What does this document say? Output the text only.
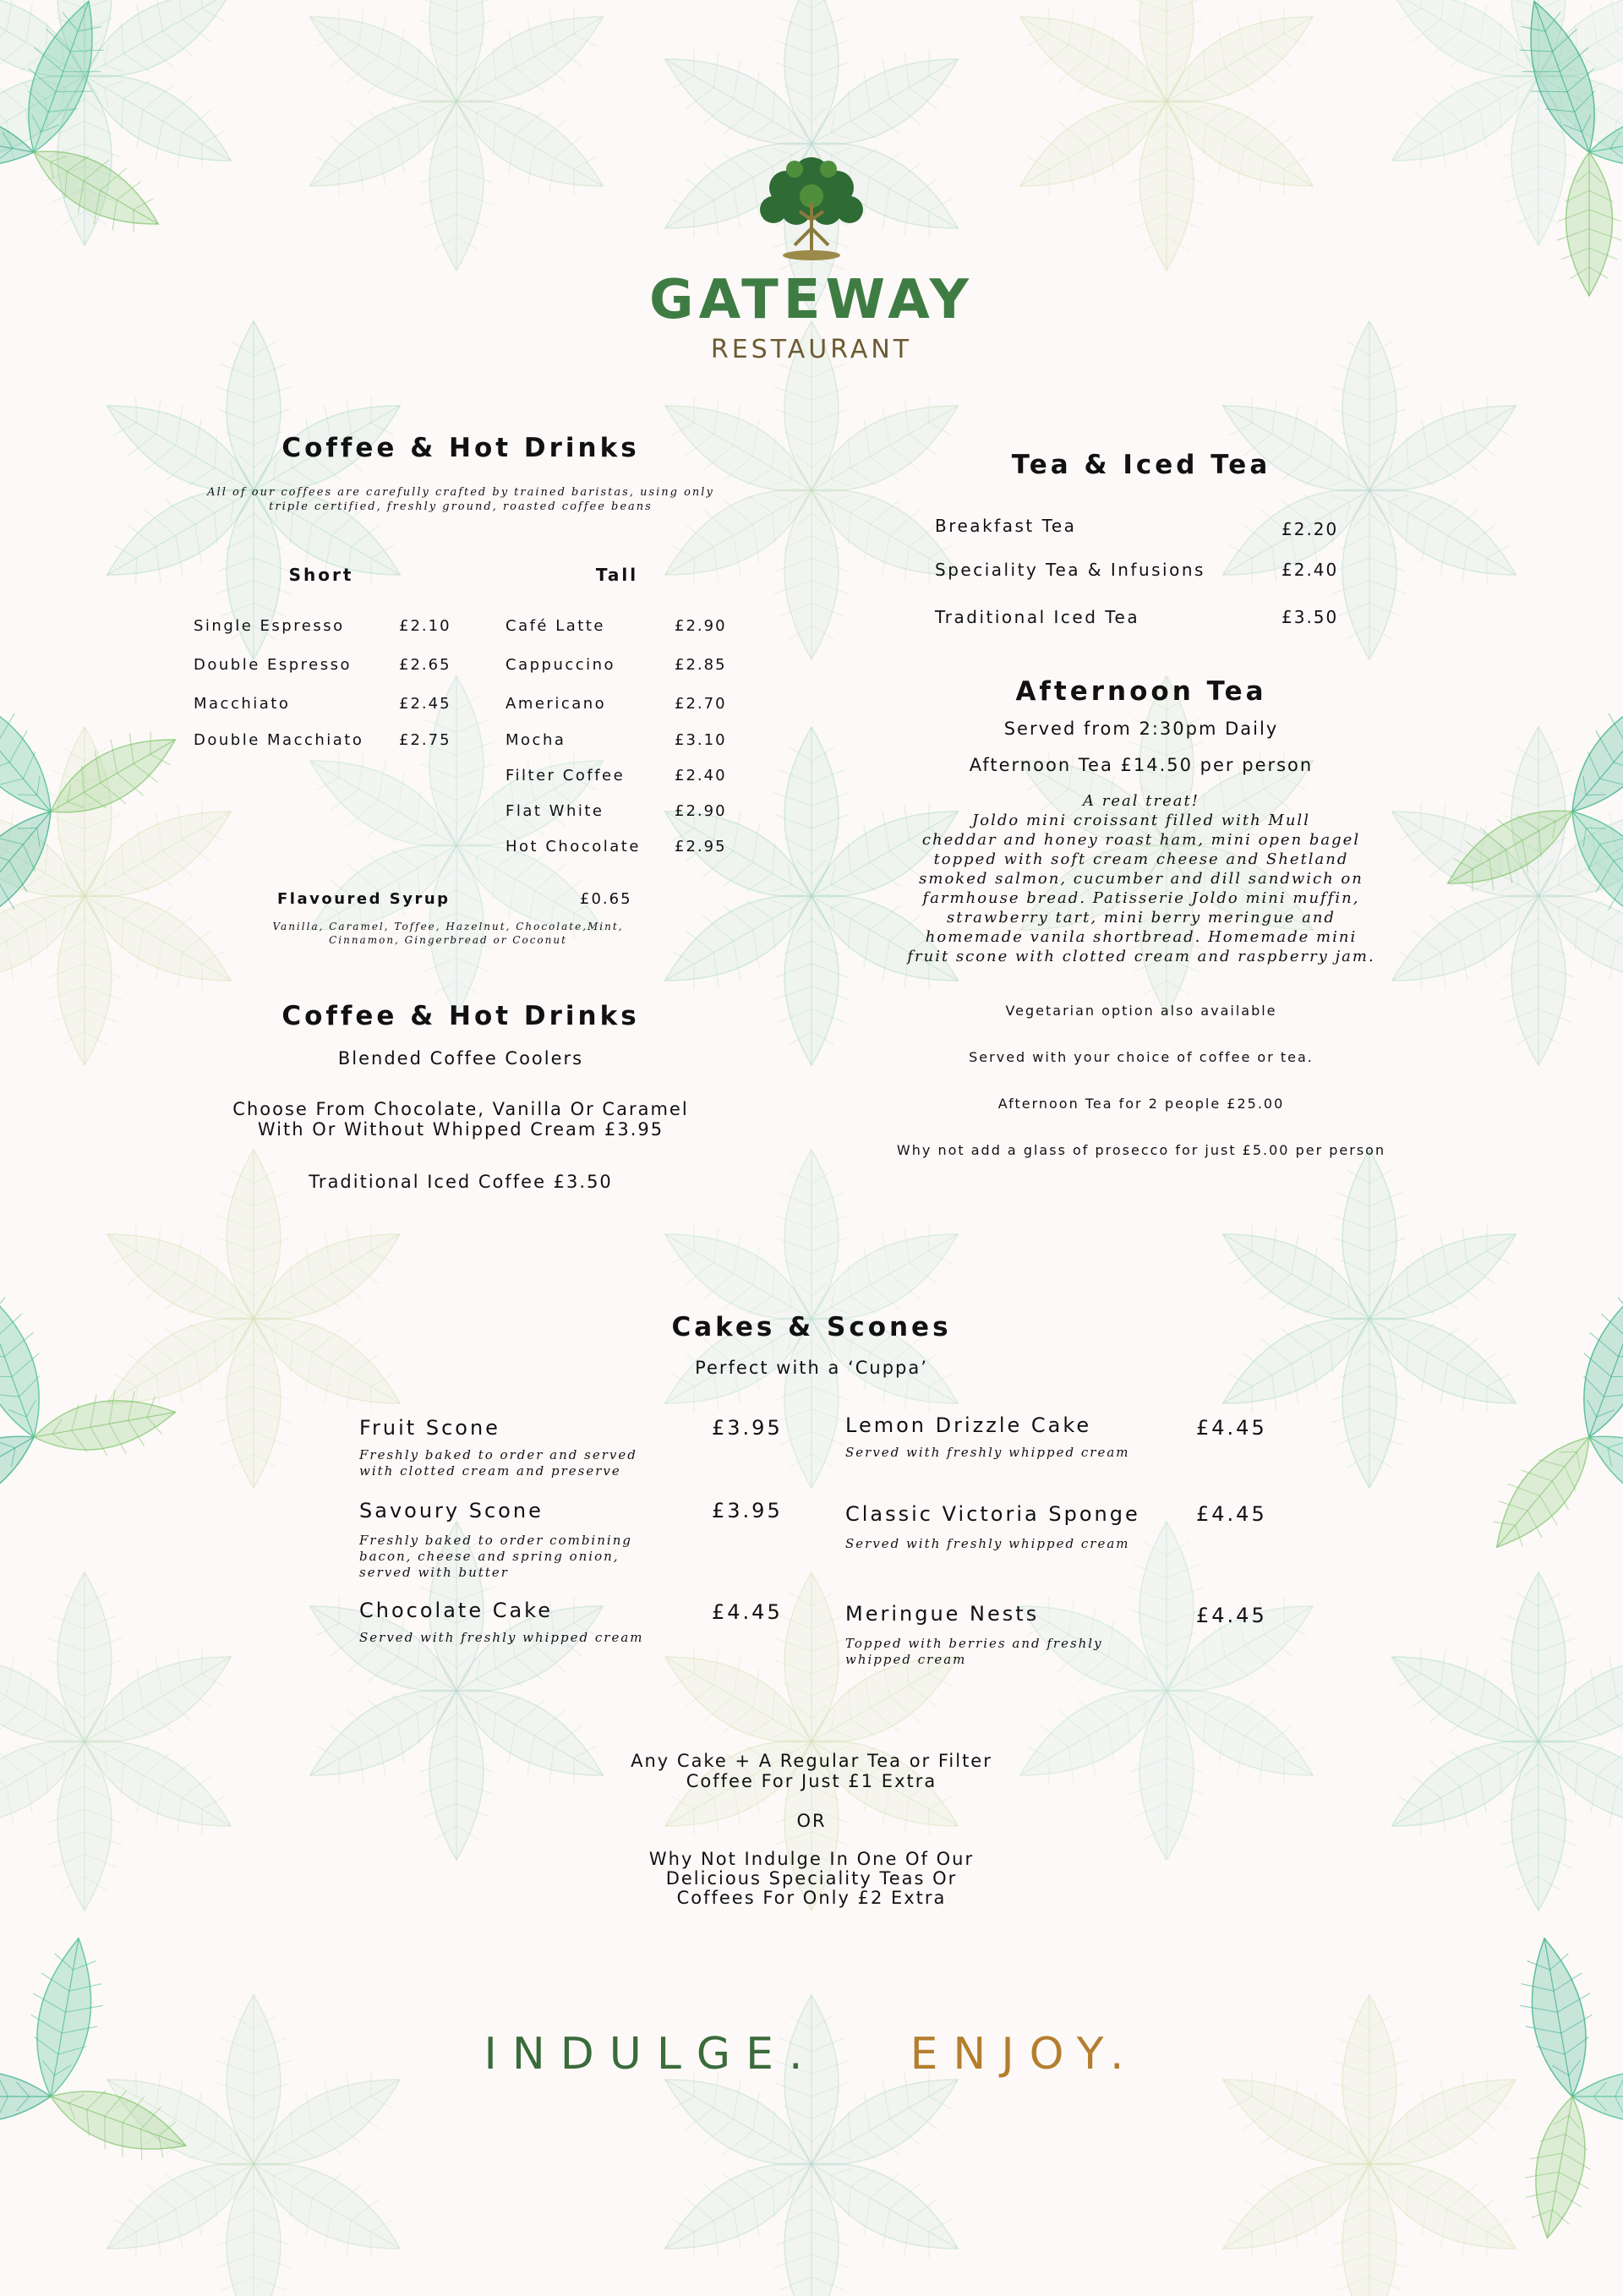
GATEWAY
RESTAURANT
Coffee & Hot Drinks
All of our coffees are carefully crafted by trained baristas, using only triple certified, freshly ground, roasted coffee beans
Short	Tall
Single Espresso	£2.10
Double Espresso	£2.65
Macchiato	£2.45
Double Macchiato £2.75
Café Latte	£2.90
Cappuccino	£2.85
Americano	£2.70
Mocha	£3.10
Filter Coffee	£2.40
Flat White	£2.90
Hot Chocolate £2.95
Flavoured Syrup	£0.65
Vanilla, Caramel, Toffee, Hazelnut, Chocolate,Mint, Cinnamon, Gingerbread or Coconut
Coffee & Hot Drinks
Blended Coffee Coolers
Choose From Chocolate, Vanilla Or Caramel
With Or Without Whipped Cream £3.95
Traditional Iced Coffee £3.50
Tea & Iced Tea
Breakfast Tea	£2.20
Speciality Tea & Infusions	£2.40
Traditional Iced Tea	£3.50
Afternoon Tea
Served from 2:30pm Daily
Afternoon Tea £14.50 per person
A real treat!
Joldo mini croissant filled with Mull
cheddar and honey roast ham, mini open bagel
topped with soft cream cheese and Shetland
smoked salmon, cucumber and dill sandwich on
farmhouse bread. Patisserie Joldo mini muffin,
strawberry tart, mini berry meringue and
homemade vanila shortbread. Homemade mini
fruit scone with clotted cream and raspberry jam.
Vegetarian option also available
Served with your choice of coffee or tea.
Afternoon Tea for 2 people £25.00
Why not add a glass of prosecco for just £5.00 per person
Cakes & Scones
Perfect with a ‘Cuppa’
Fruit Scone	£3.95
Freshly baked to order and served
with clotted cream and preserve
Savoury Scone	£3.95
Freshly baked to order combining
bacon, cheese and spring onion,
served with butter
Chocolate Cake	£4.45
Served with freshly whipped cream
Lemon Drizzle Cake	£4.45
Served with freshly whipped cream
Classic Victoria Sponge	£4.45
Served with freshly whipped cream
Meringue Nests	£4.45
Topped with berries and freshly
whipped cream
Any Cake + A Regular Tea or Filter
Coffee For Just £1 Extra
OR
Why Not Indulge In One Of Our
Delicious Speciality Teas Or
Coffees For Only £2 Extra
INDULGE. ENJOY.
